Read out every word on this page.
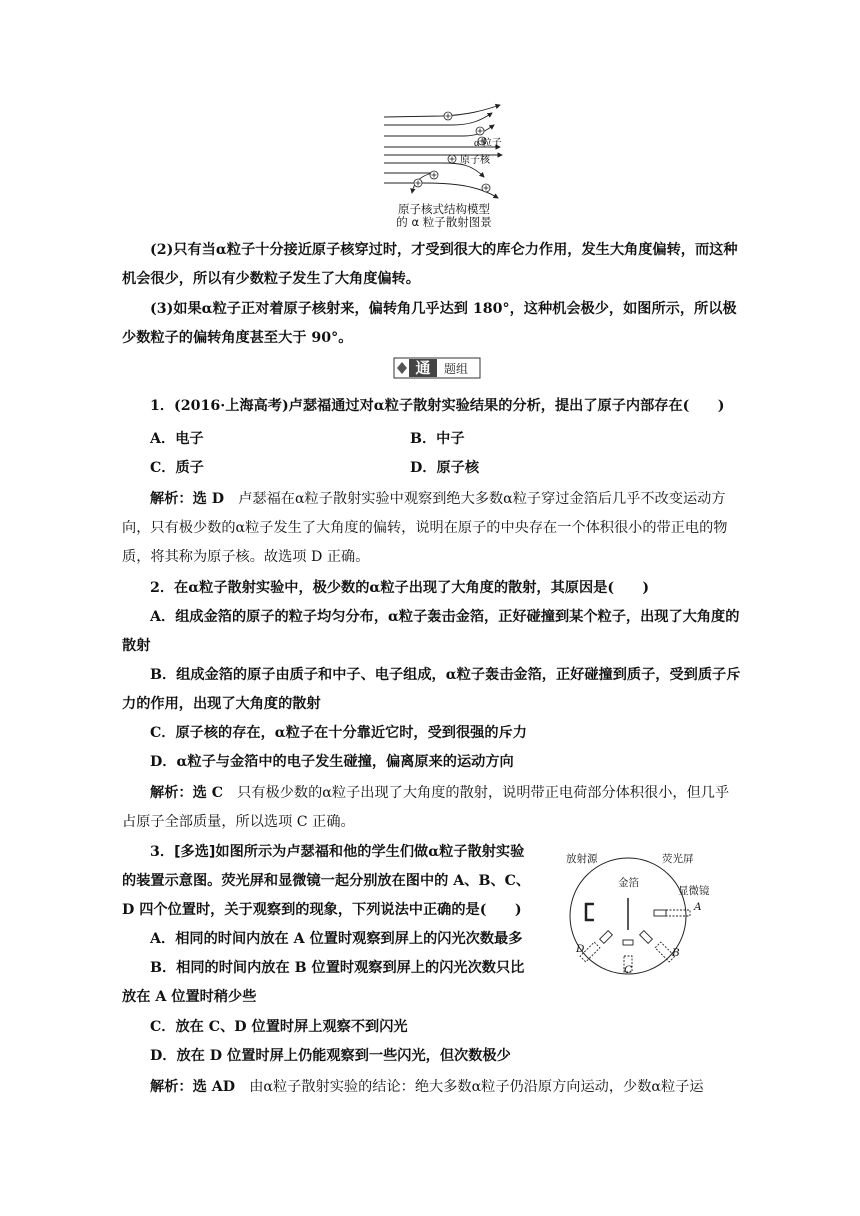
α 粒子
原子核
原子核式结构模型
的 α 粒子散射图景

(2)只有当α粒子十分接近原子核穿过时，才受到很大的库仑力作用，发生大角度偏转，而这种机会很少，所以有少数粒子发生了大角度偏转。

(3)如果α粒子正对着原子核射来，偏转角几乎达到 180°，这种机会极少，如图所示，所以极少数粒子的偏转角度甚至大于 90°。

通 题组

1．(2016·上海高考)卢瑟福通过对α粒子散射实验结果的分析，提出了原子内部存在(　　)

A．电子	B．中子
C．质子	D．原子核

解析：选 D　卢瑟福在α粒子散射实验中观察到绝大多数α粒子穿过金箔后几乎不改变运动方向，只有极少数的α粒子发生了大角度的偏转，说明在原子的中央存在一个体积很小的带正电的物质，将其称为原子核。故选项 D 正确。

2．在α粒子散射实验中，极少数的α粒子出现了大角度的散射，其原因是(　　)

A．组成金箔的原子的粒子均匀分布，α粒子轰击金箔，正好碰撞到某个粒子，出现了大角度的散射

B．组成金箔的原子由质子和中子、电子组成，α粒子轰击金箔，正好碰撞到质子，受到质子斥力的作用，出现了大角度的散射

C．原子核的存在，α粒子在十分靠近它时，受到很强的斥力

D．α粒子与金箔中的电子发生碰撞，偏离原来的运动方向

解析：选 C　只有极少数的α粒子出现了大角度的散射，说明带正电荷部分体积很小，但几乎占原子全部质量，所以选项 C 正确。

3．[多选]如图所示为卢瑟福和他的学生们做α粒子散射实验

的装置示意图。荧光屏和显微镜一起分别放在图中的 A、B、C、

D 四个位置时，关于观察到的现象，下列说法中正确的是(　　)

A．相同的时间内放在 A 位置时观察到屏上的闪光次数最多

B．相同的时间内放在 B 位置时观察到屏上的闪光次数只比

放在 A 位置时稍少些

C．放在 C、D 位置时屏上观察不到闪光

D．放在 D 位置时屏上仍能观察到一些闪光，但次数极少

解析：选 AD　由α粒子散射实验的结论：绝大多数α粒子仍沿原方向运动，少数α粒子运

放射源	荧光屏
金箔
显微镜
A
B
C
D
